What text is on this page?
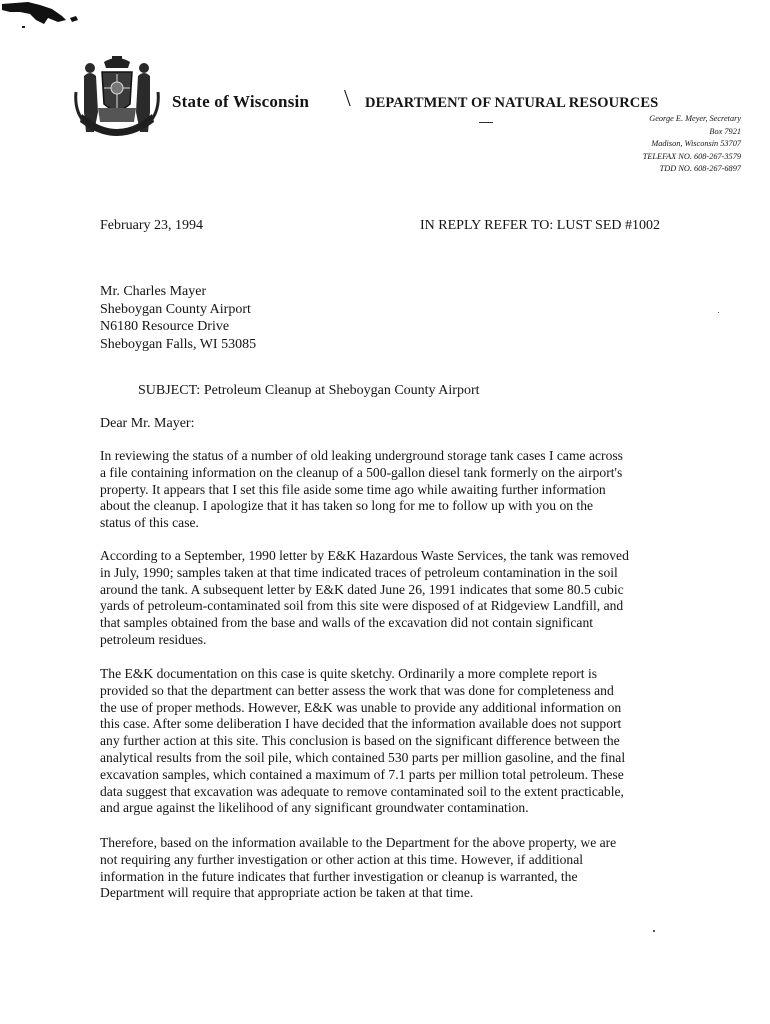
State of Wisconsin \ DEPARTMENT OF NATURAL RESOURCES
George E. Meyer, Secretary
Box 7921
Madison, Wisconsin 53707
TELEFAX NO. 608-267-3579
TDD NO. 608-267-6897
February 23, 1994	IN REPLY REFER TO: LUST SED #1002
Mr. Charles Mayer
Sheboygan County Airport
N6180 Resource Drive
Sheboygan Falls, WI 53085
SUBJECT: Petroleum Cleanup at Sheboygan County Airport
Dear Mr. Mayer:
In reviewing the status of a number of old leaking underground storage tank cases I came across
a file containing information on the cleanup of a 500-gallon diesel tank formerly on the airport's
property. It appears that I set this file aside some time ago while awaiting further information
about the cleanup. I apologize that it has taken so long for me to follow up with you on the
status of this case.
According to a September, 1990 letter by E&K Hazardous Waste Services, the tank was removed
in July, 1990; samples taken at that time indicated traces of petroleum contamination in the soil
around the tank. A subsequent letter by E&K dated June 26, 1991 indicates that some 80.5 cubic
yards of petroleum-contaminated soil from this site were disposed of at Ridgeview Landfill, and
that samples obtained from the base and walls of the excavation did not contain significant
petroleum residues.
The E&K documentation on this case is quite sketchy. Ordinarily a more complete report is
provided so that the department can better assess the work that was done for completeness and
the use of proper methods. However, E&K was unable to provide any additional information on
this case. After some deliberation I have decided that the information available does not support
any further action at this site. This conclusion is based on the significant difference between the
analytical results from the soil pile, which contained 530 parts per million gasoline, and the final
excavation samples, which contained a maximum of 7.1 parts per million total petroleum. These
data suggest that excavation was adequate to remove contaminated soil to the extent practicable,
and argue against the likelihood of any significant groundwater contamination.
Therefore, based on the information available to the Department for the above property, we are
not requiring any further investigation or other action at this time. However, if additional
information in the future indicates that further investigation or cleanup is warranted, the
Department will require that appropriate action be taken at that time.
